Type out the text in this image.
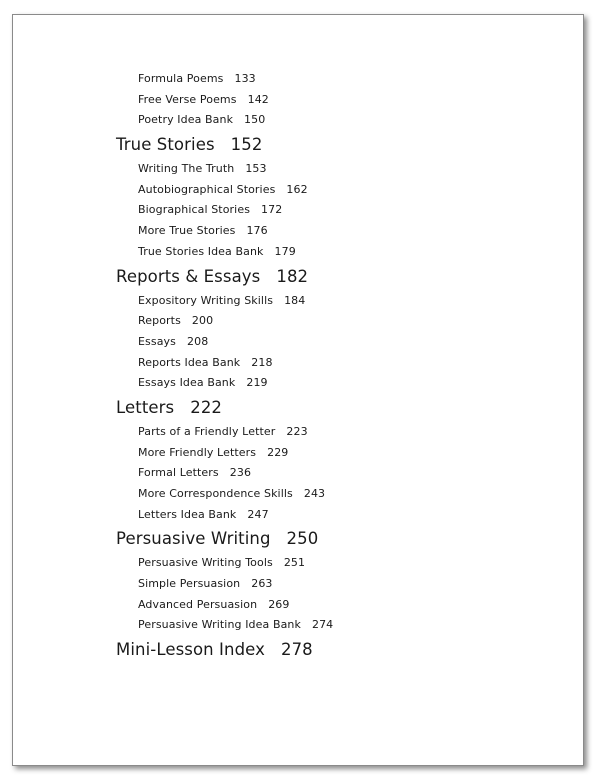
Formula Poems 133
Free Verse Poems 142
Poetry Idea Bank 150
True Stories 152
Writing The Truth 153
Autobiographical Stories 162
Biographical Stories 172
More True Stories 176
True Stories Idea Bank 179
Reports & Essays 182
Expository Writing Skills 184
Reports 200
Essays 208
Reports Idea Bank 218
Essays Idea Bank 219
Letters 222
Parts of a Friendly Letter 223
More Friendly Letters 229
Formal Letters 236
More Correspondence Skills 243
Letters Idea Bank 247
Persuasive Writing 250
Persuasive Writing Tools 251
Simple Persuasion 263
Advanced Persuasion 269
Persuasive Writing Idea Bank 274
Mini-Lesson Index 278
